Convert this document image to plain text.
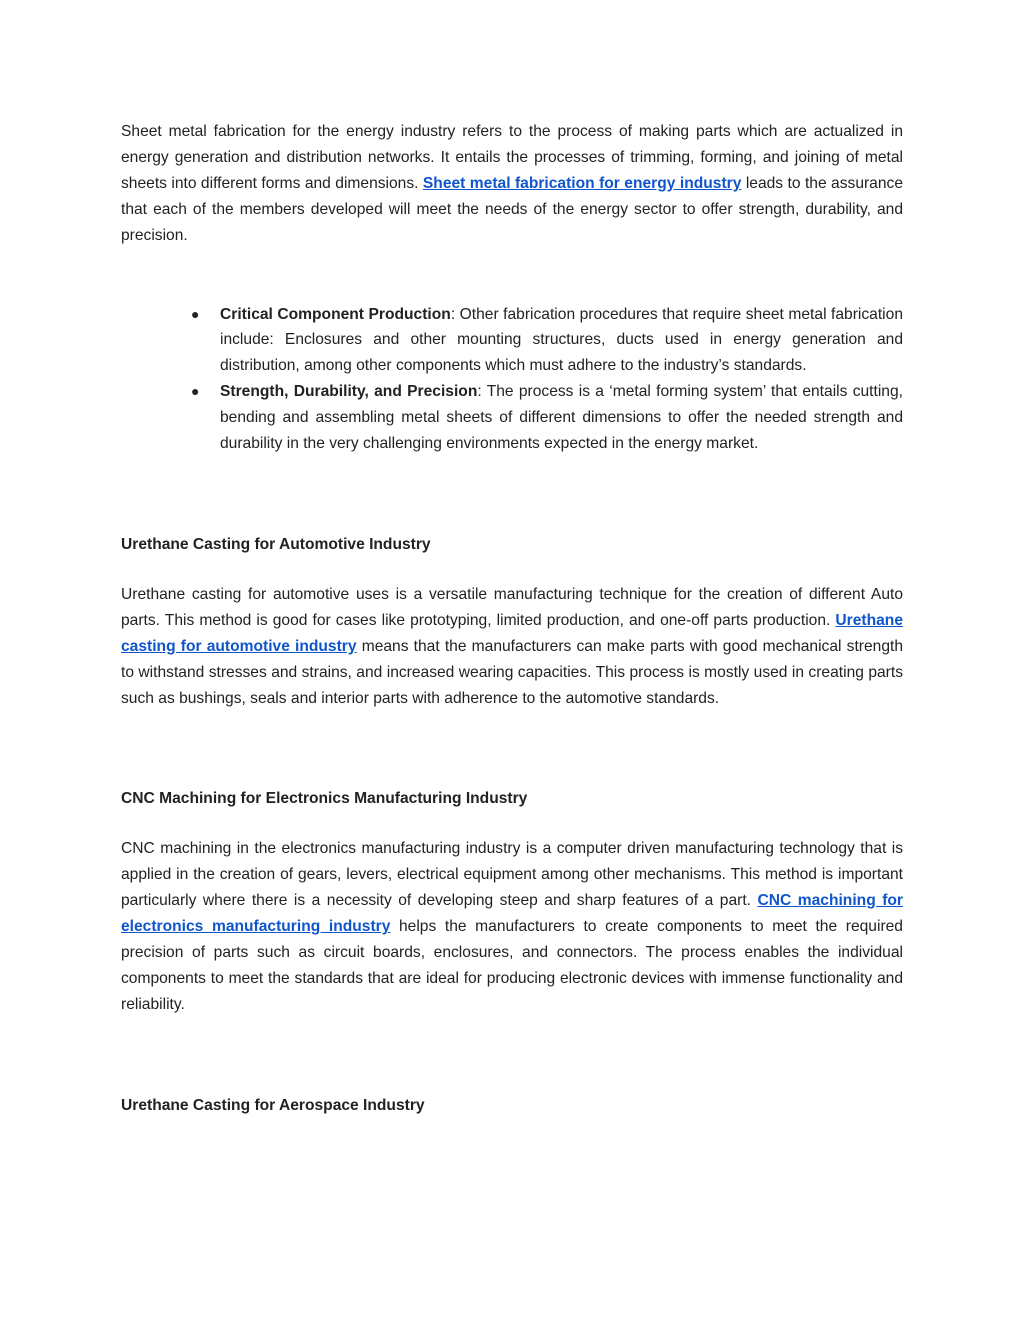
Sheet metal fabrication for the energy industry refers to the process of making parts which are actualized in energy generation and distribution networks. It entails the processes of trimming, forming, and joining of metal sheets into different forms and dimensions. Sheet metal fabrication for energy industry leads to the assurance that each of the members developed will meet the needs of the energy sector to offer strength, durability, and precision.

● Critical Component Production: Other fabrication procedures that require sheet metal fabrication include: Enclosures and other mounting structures, ducts used in energy generation and distribution, among other components which must adhere to the industry’s standards.
● Strength, Durability, and Precision: The process is a ‘metal forming system’ that entails cutting, bending and assembling metal sheets of different dimensions to offer the needed strength and durability in the very challenging environments expected in the energy market.
Urethane Casting for Automotive Industry

Urethane casting for automotive uses is a versatile manufacturing technique for the creation of different Auto parts. This method is good for cases like prototyping, limited production, and one-off parts production. Urethane casting for automotive industry means that the manufacturers can make parts with good mechanical strength to withstand stresses and strains, and increased wearing capacities. This process is mostly used in creating parts such as bushings, seals and interior parts with adherence to the automotive standards.

CNC Machining for Electronics Manufacturing Industry

CNC machining in the electronics manufacturing industry is a computer driven manufacturing technology that is applied in the creation of gears, levers, electrical equipment among other mechanisms. This method is important particularly where there is a necessity of developing steep and sharp features of a part. CNC machining for electronics manufacturing industry helps the manufacturers to create components to meet the required precision of parts such as circuit boards, enclosures, and connectors. The process enables the individual components to meet the standards that are ideal for producing electronic devices with immense functionality and reliability.

Urethane Casting for Aerospace Industry
